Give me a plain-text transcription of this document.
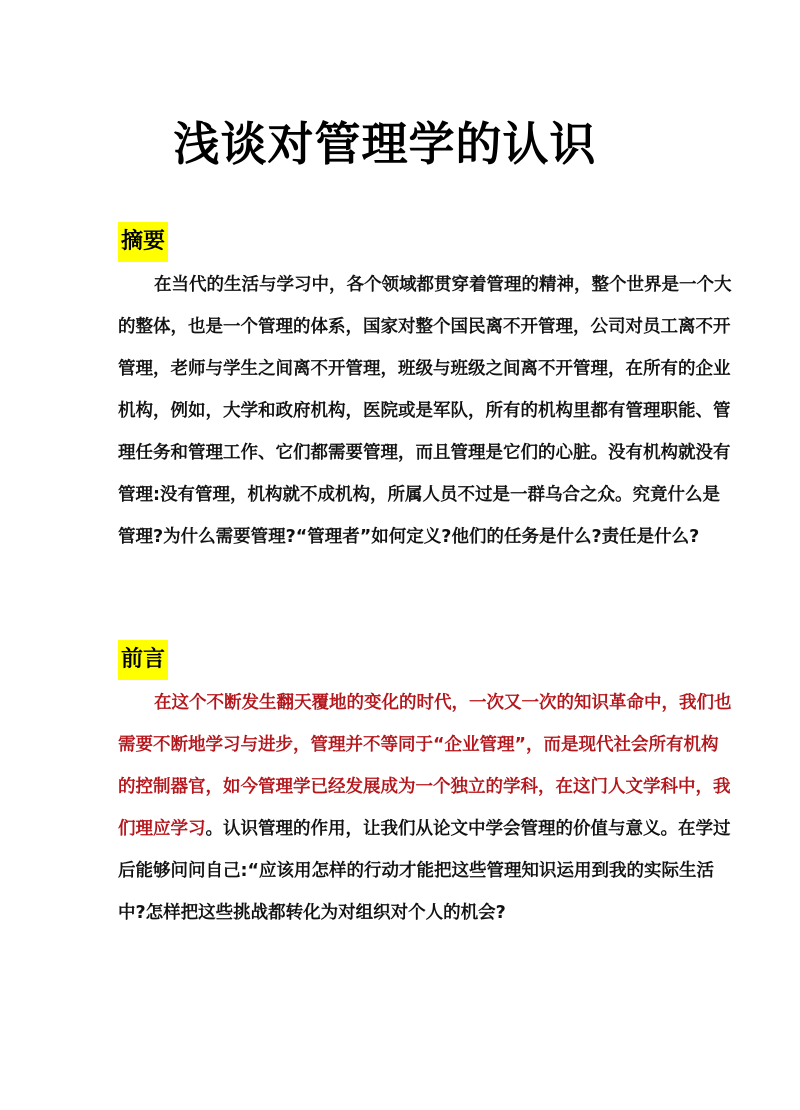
浅谈对管理学的认识
摘要
在当代的生活与学习中，各个领域都贯穿着管理的精神，整个世界是一个大
的整体，也是一个管理的体系，国家对整个国民离不开管理，公司对员工离不开
管理，老师与学生之间离不开管理，班级与班级之间离不开管理，在所有的企业
机构，例如，大学和政府机构，医院或是军队，所有的机构里都有管理职能、管
理任务和管理工作、它们都需要管理，而且管理是它们的心脏。没有机构就没有
管理:没有管理，机构就不成机构，所属人员不过是一群乌合之众。究竟什么是
管理?为什么需要管理?“管理者”如何定义?他们的任务是什么?责任是什么?
前言
在这个不断发生翻天覆地的变化的时代，一次又一次的知识革命中，我们也
需要不断地学习与进步，管理并不等同于“企业管理”，而是现代社会所有机构
的控制器官，如今管理学已经发展成为一个独立的学科，在这门人文学科中，我
们理应学习。认识管理的作用，让我们从论文中学会管理的价值与意义。在学过
后能够问问自己:“应该用怎样的行动才能把这些管理知识运用到我的实际生活
中?怎样把这些挑战都转化为对组织对个人的机会?
